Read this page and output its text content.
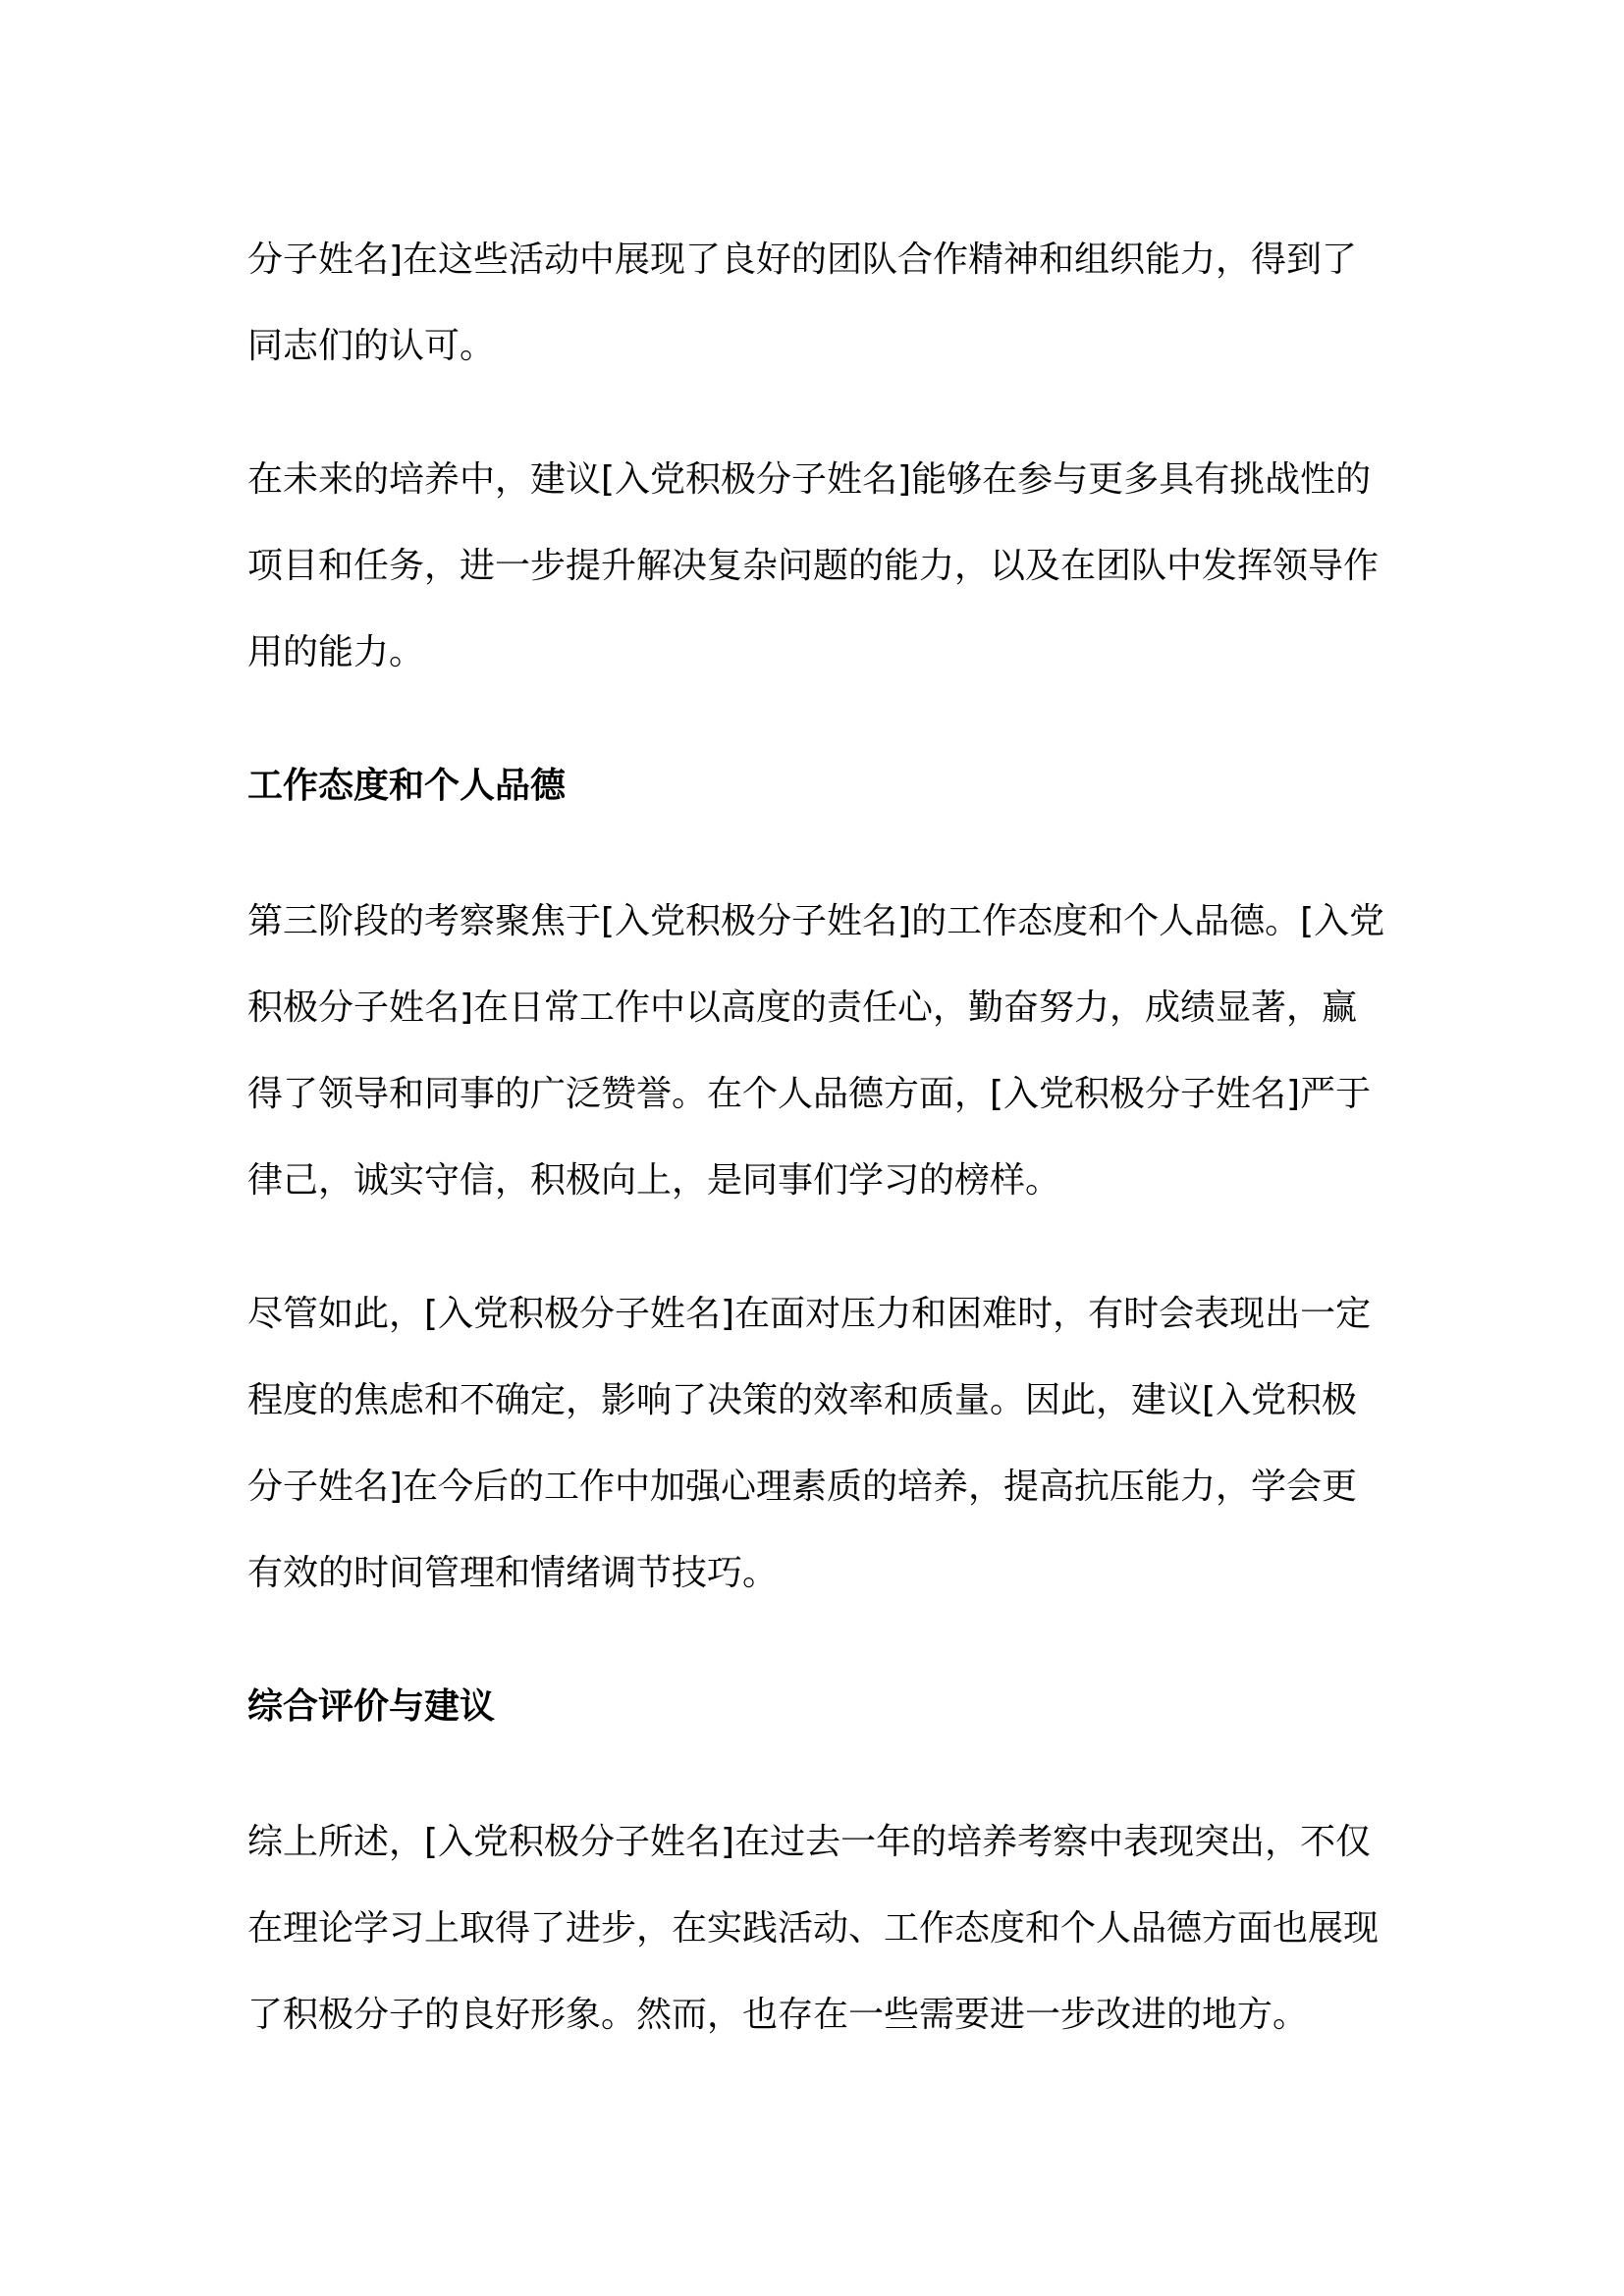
分子姓名]在这些活动中展现了良好的团队合作精神和组织能力，得到了
同志们的认可。
在未来的培养中，建议[入党积极分子姓名]能够在参与更多具有挑战性的
项目和任务，进一步提升解决复杂问题的能力，以及在团队中发挥领导作
用的能力。
工作态度和个人品德
第三阶段的考察聚焦于[入党积极分子姓名]的工作态度和个人品德。[入党
积极分子姓名]在日常工作中以高度的责任心，勤奋努力，成绩显著，赢
得了领导和同事的广泛赞誉。在个人品德方面，[入党积极分子姓名]严于
律己，诚实守信，积极向上，是同事们学习的榜样。
尽管如此，[入党积极分子姓名]在面对压力和困难时，有时会表现出一定
程度的焦虑和不确定，影响了决策的效率和质量。因此，建议[入党积极
分子姓名]在今后的工作中加强心理素质的培养，提高抗压能力，学会更
有效的时间管理和情绪调节技巧。
综合评价与建议
综上所述，[入党积极分子姓名]在过去一年的培养考察中表现突出，不仅
在理论学习上取得了进步，在实践活动、工作态度和个人品德方面也展现
了积极分子的良好形象。然而，也存在一些需要进一步改进的地方。
